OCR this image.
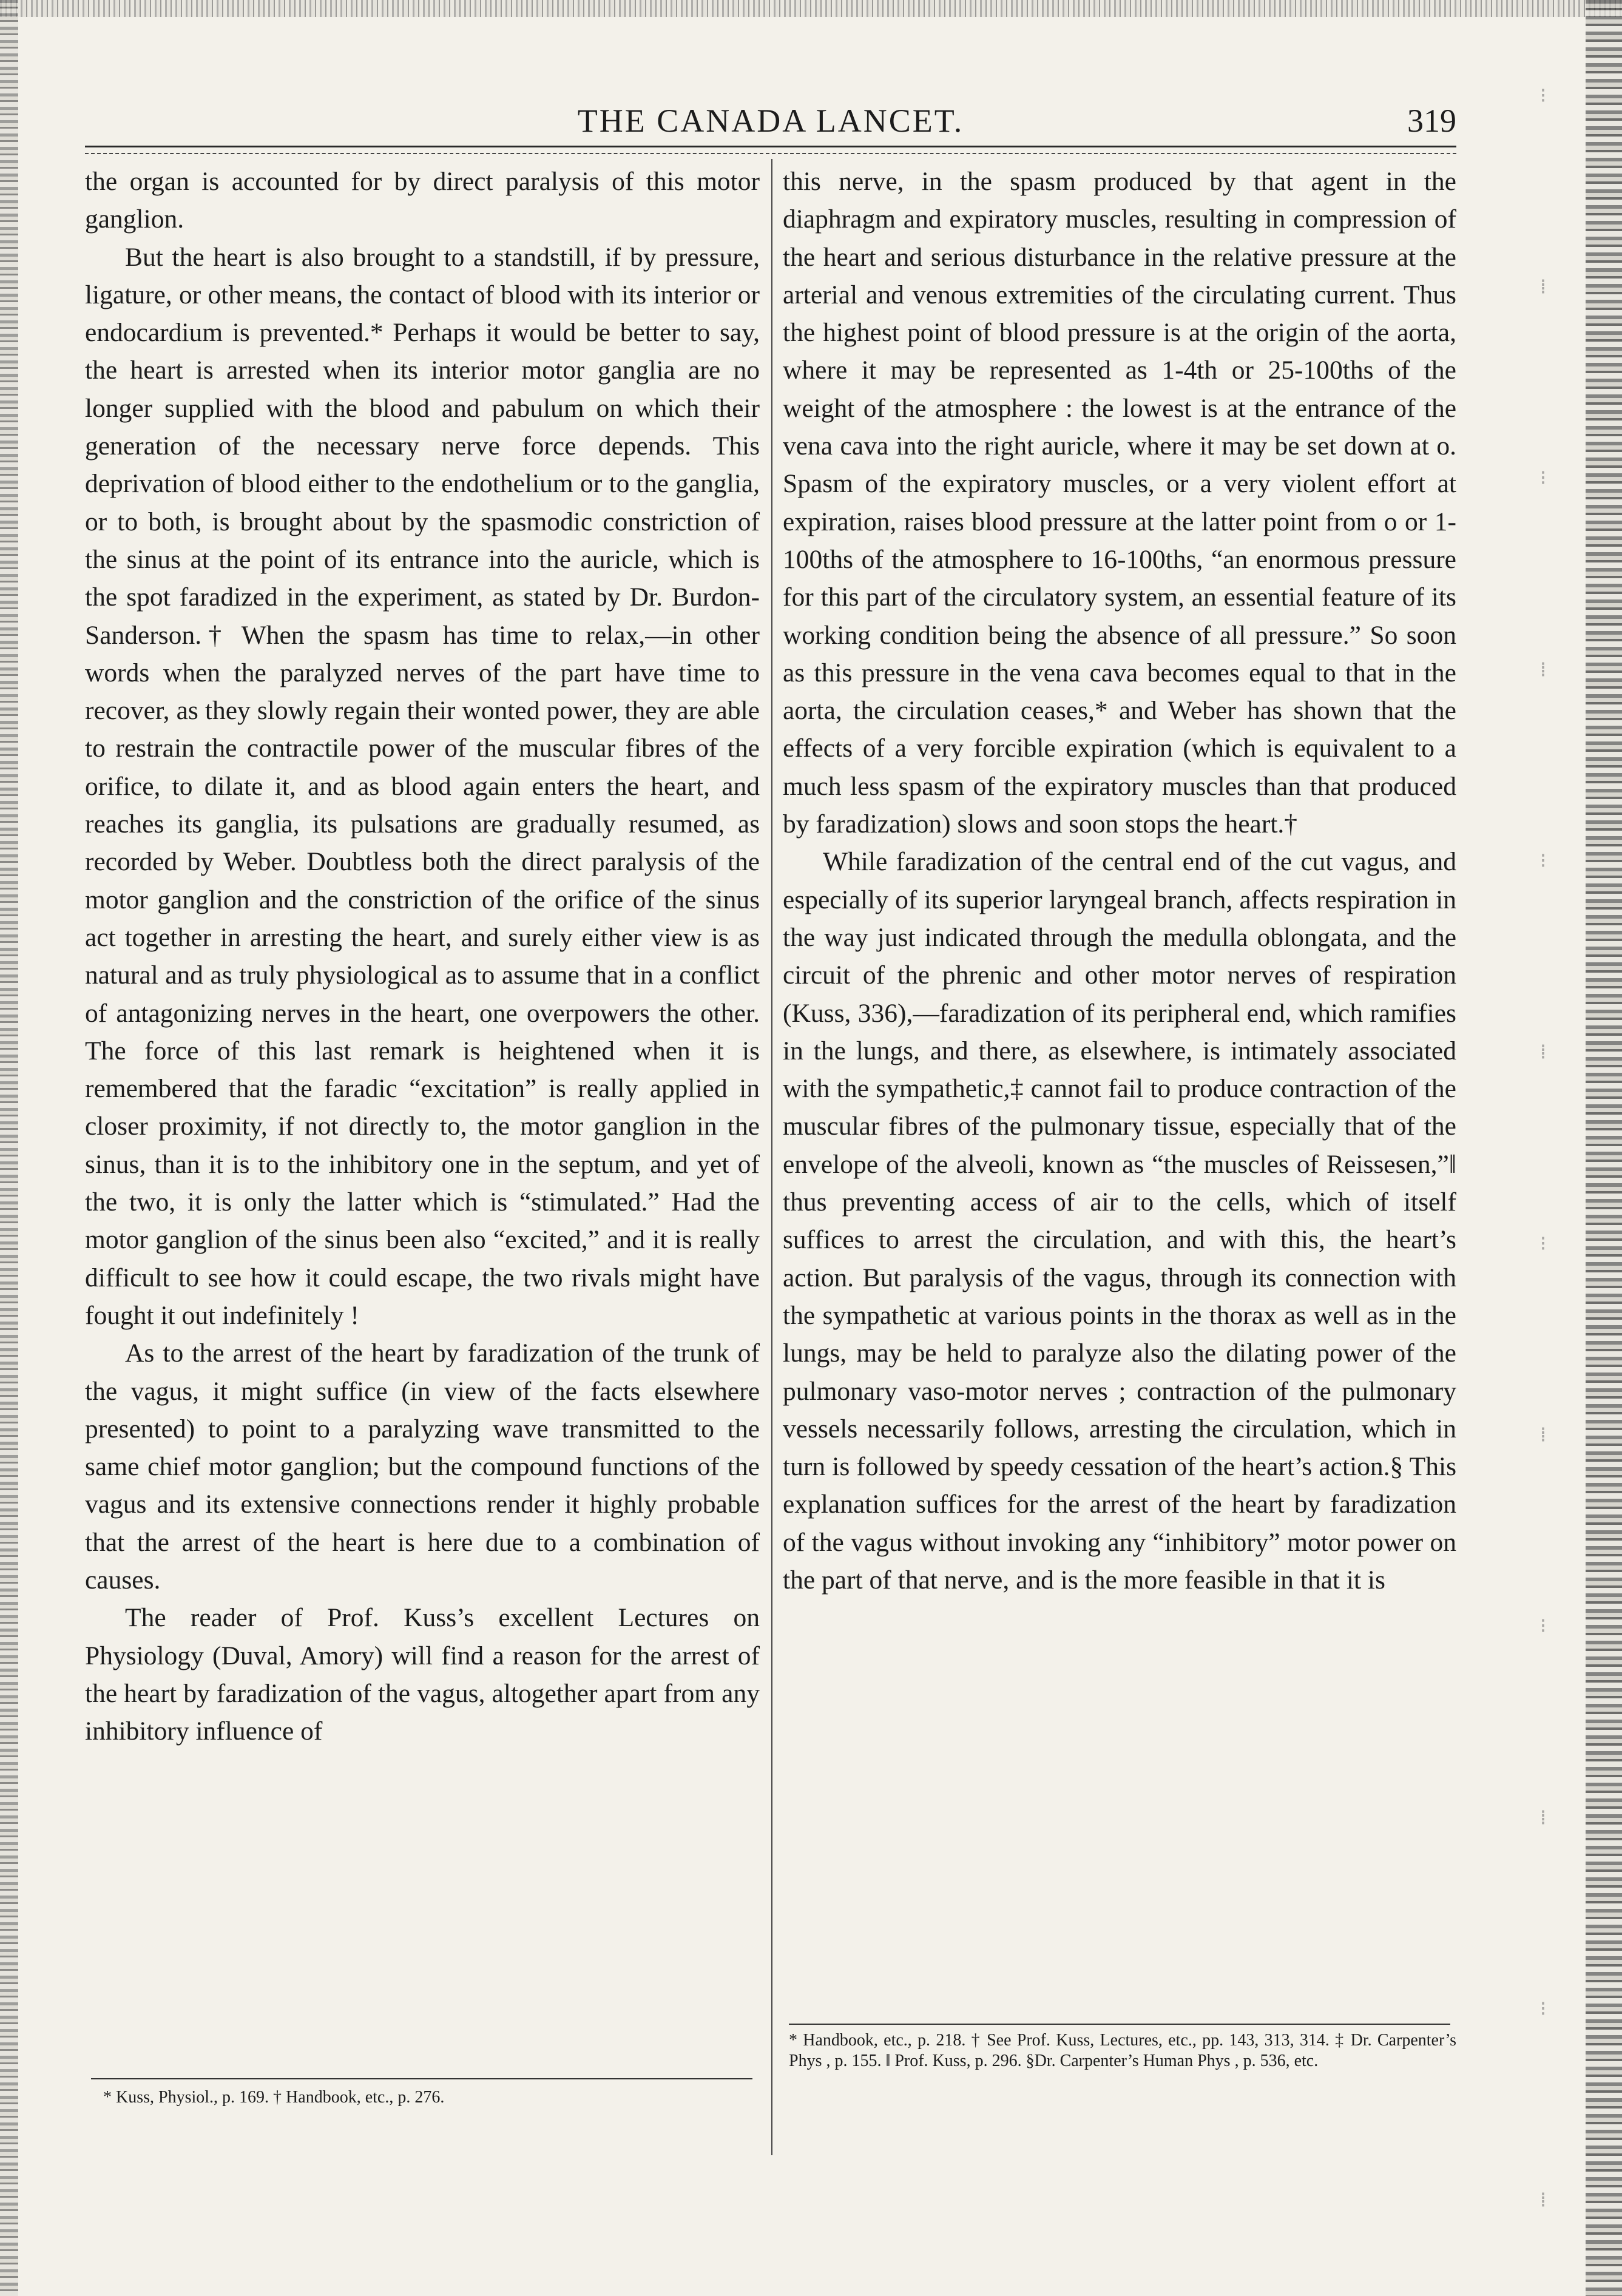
⁝
⁞
⁝
⁞
⁝
⁞
⁝
⁞
⁝
⁞
⁝
⁞
THE CANADA LANCET.	319

the organ is accounted for by direct paralysis of this motor ganglion.

But the heart is also brought to a standstill, if by pressure, ligature, or other means, the contact of blood with its interior or endocardium is prevented.* Perhaps it would be better to say, the heart is arrested when its interior motor ganglia are no longer supplied with the blood and pabulum on which their generation of the necessary nerve force depends. This deprivation of blood either to the endothelium or to the ganglia, or to both, is brought about by the spasmodic constriction of the sinus at the point of its entrance into the auricle, which is the spot faradized in the experiment, as stated by Dr. Burdon-Sanderson.† When the spasm has time to relax,—in other words when the paralyzed nerves of the part have time to recover, as they slowly regain their wonted power, they are able to restrain the contractile power of the muscular fibres of the orifice, to dilate it, and as blood again enters the heart, and reaches its ganglia, its pulsations are gradually resumed, as recorded by Weber. Doubtless both the direct paralysis of the motor ganglion and the constriction of the orifice of the sinus act together in arresting the heart, and surely either view is as natural and as truly physiological as to assume that in a conflict of antagonizing nerves in the heart, one overpowers the other. The force of this last remark is heightened when it is remembered that the faradic “excitation” is really applied in closer proximity, if not directly to, the motor ganglion in the sinus, than it is to the inhibitory one in the septum, and yet of the two, it is only the latter which is “stimulated.” Had the motor ganglion of the sinus been also “excited,” and it is really difficult to see how it could escape, the two rivals might have fought it out indefinitely !

As to the arrest of the heart by faradization of the trunk of the vagus, it might suffice (in view of the facts elsewhere presented) to point to a paralyzing wave transmitted to the same chief motor ganglion; but the compound functions of the vagus and its extensive connections render it highly probable that the arrest of the heart is here due to a combination of causes.

The reader of Prof. Kuss’s excellent Lectures on Physiology (Duval, Amory) will find a reason for the arrest of the heart by faradization of the vagus, altogether apart from any inhibitory influence of

this nerve, in the spasm produced by that agent in the diaphragm and expiratory muscles, resulting in compression of the heart and serious disturbance in the relative pressure at the arterial and venous extremities of the circulating current. Thus the highest point of blood pressure is at the origin of the aorta, where it may be represented as 1-4th or 25-100ths of the weight of the atmosphere : the lowest is at the entrance of the vena cava into the right auricle, where it may be set down at o. Spasm of the expiratory muscles, or a very violent effort at expiration, raises blood pressure at the latter point from o or 1-100ths of the atmosphere to 16-100ths, “an enormous pressure for this part of the circulatory system, an essential feature of its working condition being the absence of all pressure.” So soon as this pressure in the vena cava becomes equal to that in the aorta, the circulation ceases,* and Weber has shown that the effects of a very forcible expiration (which is equivalent to a much less spasm of the expiratory muscles than that produced by faradization) slows and soon stops the heart.†

While faradization of the central end of the cut vagus, and especially of its superior laryngeal branch, affects respiration in the way just indicated through the medulla oblongata, and the circuit of the phrenic and other motor nerves of respiration (Kuss, 336),—faradization of its peripheral end, which ramifies in the lungs, and there, as elsewhere, is intimately associated with the sympathetic,‡ cannot fail to produce contraction of the muscular fibres of the pulmonary tissue, especially that of the envelope of the alveoli, known as “the muscles of Reissesen,”‖ thus preventing access of air to the cells, which of itself suffices to arrest the circulation, and with this, the heart’s action. But paralysis of the vagus, through its connection with the sympathetic at various points in the thorax as well as in the lungs, may be held to paralyze also the dilating power of the pulmonary vaso-motor nerves ; contraction of the pulmonary vessels necessarily follows, arresting the circulation, which in turn is followed by speedy cessation of the heart’s action.§ This explanation suffices for the arrest of the heart by faradization of the vagus without invoking any “inhibitory” motor power on the part of that nerve, and is the more feasible in that it is

* Kuss, Physiol., p. 169. † Handbook, etc., p. 276.
* Handbook, etc., p. 218. † See Prof. Kuss, Lectures, etc., pp. 143, 313, 314. ‡ Dr. Carpenter’s Phys , p. 155. ‖ Prof. Kuss, p. 296. §Dr. Carpenter’s Human Phys , p. 536, etc.
